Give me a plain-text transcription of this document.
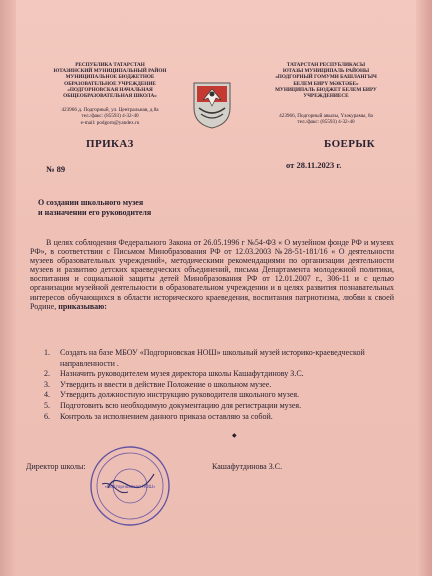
РЕСПУБЛИКА ТАТАРСТАН
ЮТАЗИНСКИЙ МУНИЦИПАЛЬНЫЙ РАЙОН
МУНИЦИПАЛЬНОЕ БЮДЖЕТНОЕ
ОБРАЗОВАТЕЛЬНОЕ УЧРЕЖДЕНИЕ
«ПОДГОРНОВСКАЯ НАЧАЛЬНАЯ
ОБЩЕОБРАЗОВАТЕЛЬНАЯ ШКОЛА»
423966 д. Подгорный, ул. Центральная, д.8а
тел./факс: (85593) 4-32-40
e-mail: podgorn@yandex.ru
ТАТАРСТАН РЕСПУБЛИКАСЫ
ЮТАЗЫ МУНИЦИПАЛЬ РАЙОНЫ
«ПОДГОРНЫЙ ГОМУМИ БАШЛАНГЫЧ
БЕЛЕМ БИРҮ МӘКТӘБЕ»
МУНИЦИПАЛЬ БЮДЖЕТ БЕЛЕМ БИРУ
УЧРЕЖДЕНИЕСЕ
423966, Подгорный авылы, Үзәкурамы, 8а
тел./факс: (85593) 4-32-40
ПРИКАЗ	БОЕРЫК
№ 89	от 28.11.2023 г.
О создании школьного музея
и назначении его руководителя
В целях соблюдения Федерального Закона от 26.05.1996 г №54-ФЗ « О музейном фонде РФ и музеях РФ», в соответствии с Письмом Минобразования РФ от 12.03.2003 №28-51-181/16 « О деятельности музеев образовательных учреждений», методическими рекомендациями по организации деятельности музеев и развитию детских краеведческих объединений, письма Департамента молодежной политики, воспитания и социальной защиты детей Минобразования РФ от 12.01.2007 г., 306-11 и с целью организации музейной деятельности в образовательном учреждении и в целях развития познавательных интересов обучающихся в области исторического краеведения, воспитания патриотизма, любви к своей Родине, приказываю:
1. Создать на базе МБОУ «Подгорновская НОШ» школьный музей историко-краеведческой направленности .
2. Назначить руководителем музея директора школы Кашафутдинову З.С.
3. Утвердить и ввести в действие Положение о школьном музее.
4. Утвердить должностную инструкцию руководителя школьного музея.
5. Подготовить всю необходимую документацию для регистрации музея.
6. Контроль за исполнением данного приказа оставляю за собой.
◆
«Подгорновская НОШ»
Директор школы:	Кашафутдинова З.С.
